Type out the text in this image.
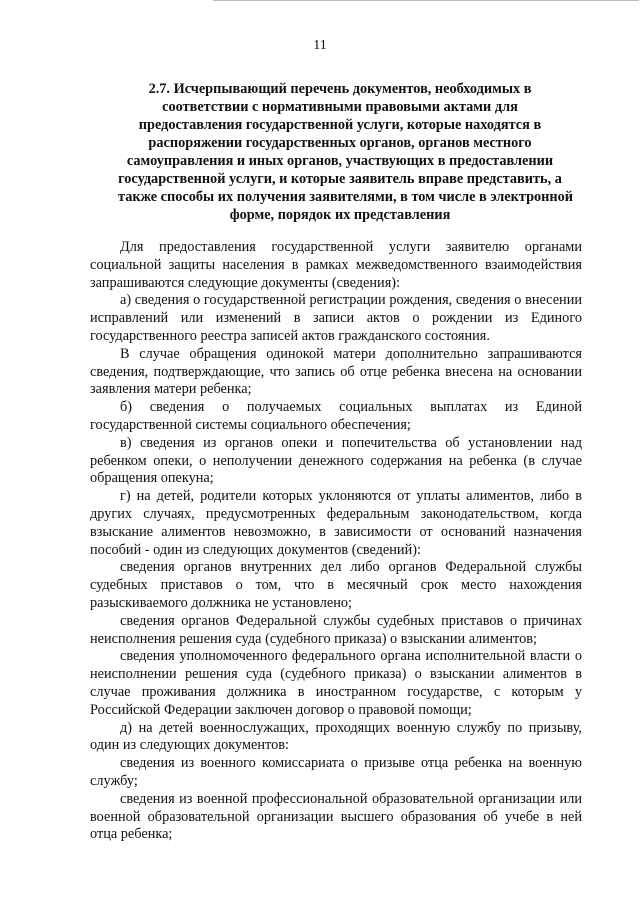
11
2.7. Исчерпывающий перечень документов, необходимых в
соответствии с нормативными правовыми актами для
предоставления государственной услуги, которые находятся в
распоряжении государственных органов, органов местного
самоуправления и иных органов, участвующих в предоставлении
государственной услуги, и которые заявитель вправе представить, а
также способы их получения заявителями, в том числе в электронной
форме, порядок их представления

Для предоставления государственной услуги заявителю органами социальной защиты населения в рамках межведомственного взаимодействия запрашиваются следующие документы (сведения):

а) сведения о государственной регистрации рождения, сведения о внесении исправлений или изменений в записи актов о рождении из Единого государственного реестра записей актов гражданского состояния.

В случае обращения одинокой матери дополнительно запрашиваются сведения, подтверждающие, что запись об отце ребенка внесена на основании заявления матери ребенка;

б) сведения о получаемых социальных выплатах из Единой государственной системы социального обеспечения;

в) сведения из органов опеки и попечительства об установлении над ребенком опеки, о неполучении денежного содержания на ребенка (в случае обращения опекуна;

г) на детей, родители которых уклоняются от уплаты алиментов, либо в других случаях, предусмотренных федеральным законодательством, когда взыскание алиментов невозможно, в зависимости от оснований назначения пособий - один из следующих документов (сведений):

сведения органов внутренних дел либо органов Федеральной службы судебных приставов о том, что в месячный срок место нахождения разыскиваемого должника не установлено;

сведения органов Федеральной службы судебных приставов о причинах неисполнения решения суда (судебного приказа) о взыскании алиментов;

сведения уполномоченного федерального органа исполнительной власти о неисполнении решения суда (судебного приказа) о взыскании алиментов в случае проживания должника в иностранном государстве, с которым у Российской Федерации заключен договор о правовой помощи;

д) на детей военнослужащих, проходящих военную службу по призыву, один из следующих документов:

сведения из военного комиссариата о призыве отца ребенка на военную службу;

сведения из военной профессиональной образовательной организации или военной образовательной организации высшего образования об учебе в ней отца ребенка;
